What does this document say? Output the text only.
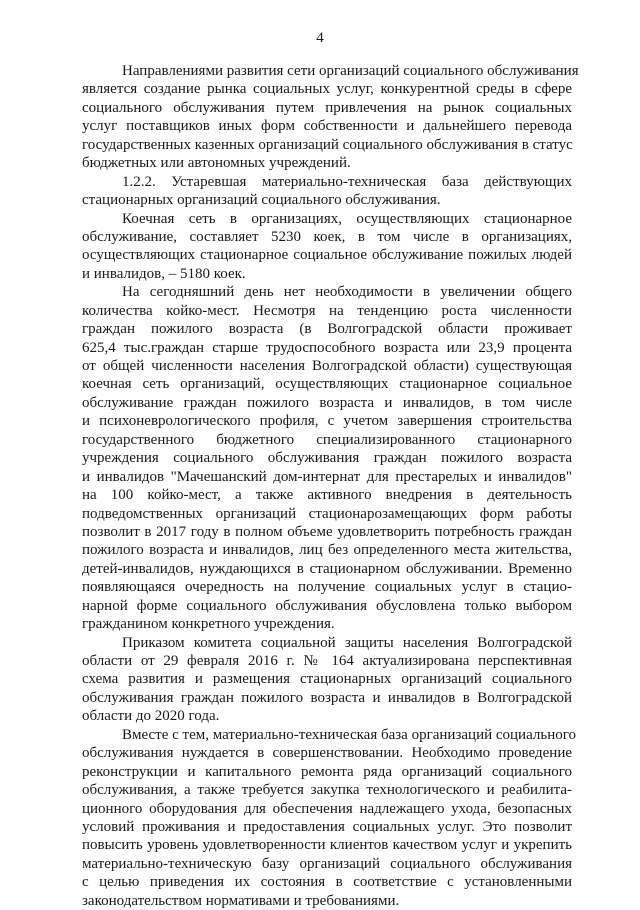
4
Направлениями развития сети организаций социального обслуживания
является создание рынка социальных услуг, конкурентной среды в сфере
социального обслуживания путем привлечения на рынок социальных
услуг поставщиков иных форм собственности и дальнейшего перевода
государственных казенных организаций социального обслуживания в статус
бюджетных или автономных учреждений.
1.2.2. Устаревшая материально-техническая база действующих
стационарных организаций социального обслуживания.
Коечная сеть в организациях, осуществляющих стационарное
обслуживание, составляет 5230 коек, в том числе в организациях,
осуществляющих стационарное социальное обслуживание пожилых людей
и инвалидов, – 5180 коек.
На сегодняшний день нет необходимости в увеличении общего
количества койко-мест. Несмотря на тенденцию роста численности
граждан пожилого возраста (в Волгоградской области проживает
625,4 тыс.граждан старше трудоспособного возраста или 23,9 процента
от общей численности населения Волгоградской области) существующая
коечная сеть организаций, осуществляющих стационарное социальное
обслуживание граждан пожилого возраста и инвалидов, в том числе
и психоневрологического профиля, с учетом завершения строительства
государственного бюджетного специализированного стационарного
учреждения социального обслуживания граждан пожилого возраста
и инвалидов "Мачешанский дом-интернат для престарелых и инвалидов"
на 100 койко-мест, а также активного внедрения в деятельность
подведомственных организаций стационарозамещающих форм работы
позволит в 2017 году в полном объеме удовлетворить потребность граждан
пожилого возраста и инвалидов, лиц без определенного места жительства,
детей-инвалидов, нуждающихся в стационарном обслуживании. Временно
появляющаяся очередность на получение социальных услуг в стацио-
нарной форме социального обслуживания обусловлена только выбором
гражданином конкретного учреждения.
Приказом комитета социальной защиты населения Волгоградской
области от 29 февраля 2016 г. № 164 актуализирована перспективная
схема развития и размещения стационарных организаций социального
обслуживания граждан пожилого возраста и инвалидов в Волгоградской
области до 2020 года.
Вместе с тем, материально-техническая база организаций социального
обслуживания нуждается в совершенствовании. Необходимо проведение
реконструкции и капитального ремонта ряда организаций социального
обслуживания, а также требуется закупка технологического и реабилита-
ционного оборудования для обеспечения надлежащего ухода, безопасных
условий проживания и предоставления социальных услуг. Это позволит
повысить уровень удовлетворенности клиентов качеством услуг и укрепить
материально-техническую базу организаций социального обслуживания
с целью приведения их состояния в соответствие с установленными
законодательством нормативами и требованиями.
